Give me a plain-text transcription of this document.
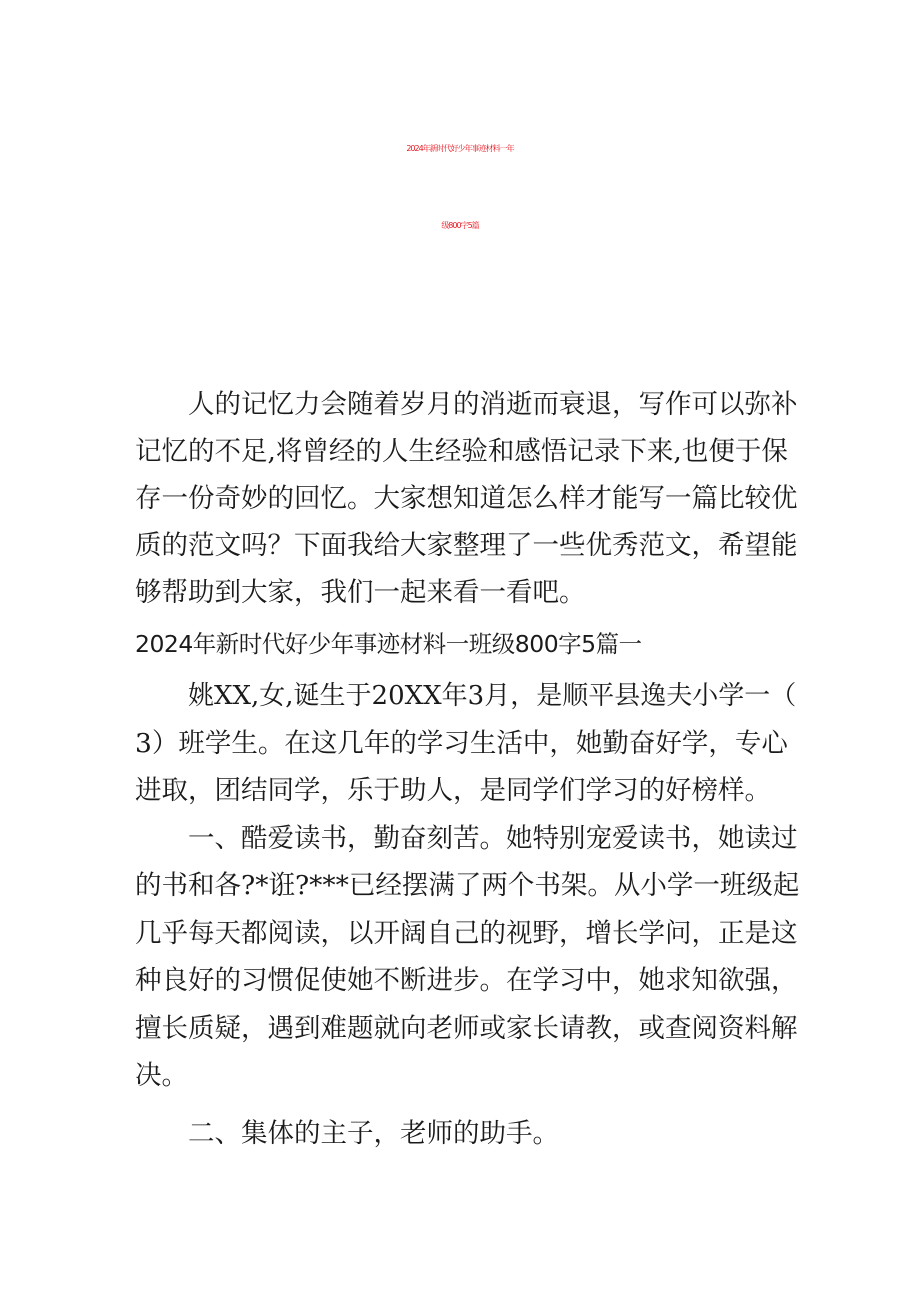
2024年新时代好少年事迹材料一年
级800字5篇
人的记忆力会随着岁月的消逝而衰退，写作可以弥补
记忆的不足,将曾经的人生经验和感悟记录下来,也便于保
存一份奇妙的回忆。大家想知道怎么样才能写一篇比较优
质的范文吗？下面我给大家整理了一些优秀范文，希望能
够帮助到大家，我们一起来看一看吧。
2024年新时代好少年事迹材料一班级800字5篇一
姚XX,女,诞生于20XX年3月，是顺平县逸夫小学一（
3）班学生。在这几年的学习生活中，她勤奋好学，专心
进取，团结同学，乐于助人，是同学们学习的好榜样。
一、酷爱读书，勤奋刻苦。她特别宠爱读书，她读过
的书和各?*诳?***已经摆满了两个书架。从小学一班级起
几乎每天都阅读，以开阔自己的视野，增长学问，正是这
种良好的习惯促使她不断进步。在学习中，她求知欲强，
擅长质疑，遇到难题就向老师或家长请教，或查阅资料解
决。
二、集体的主子，老师的助手。
